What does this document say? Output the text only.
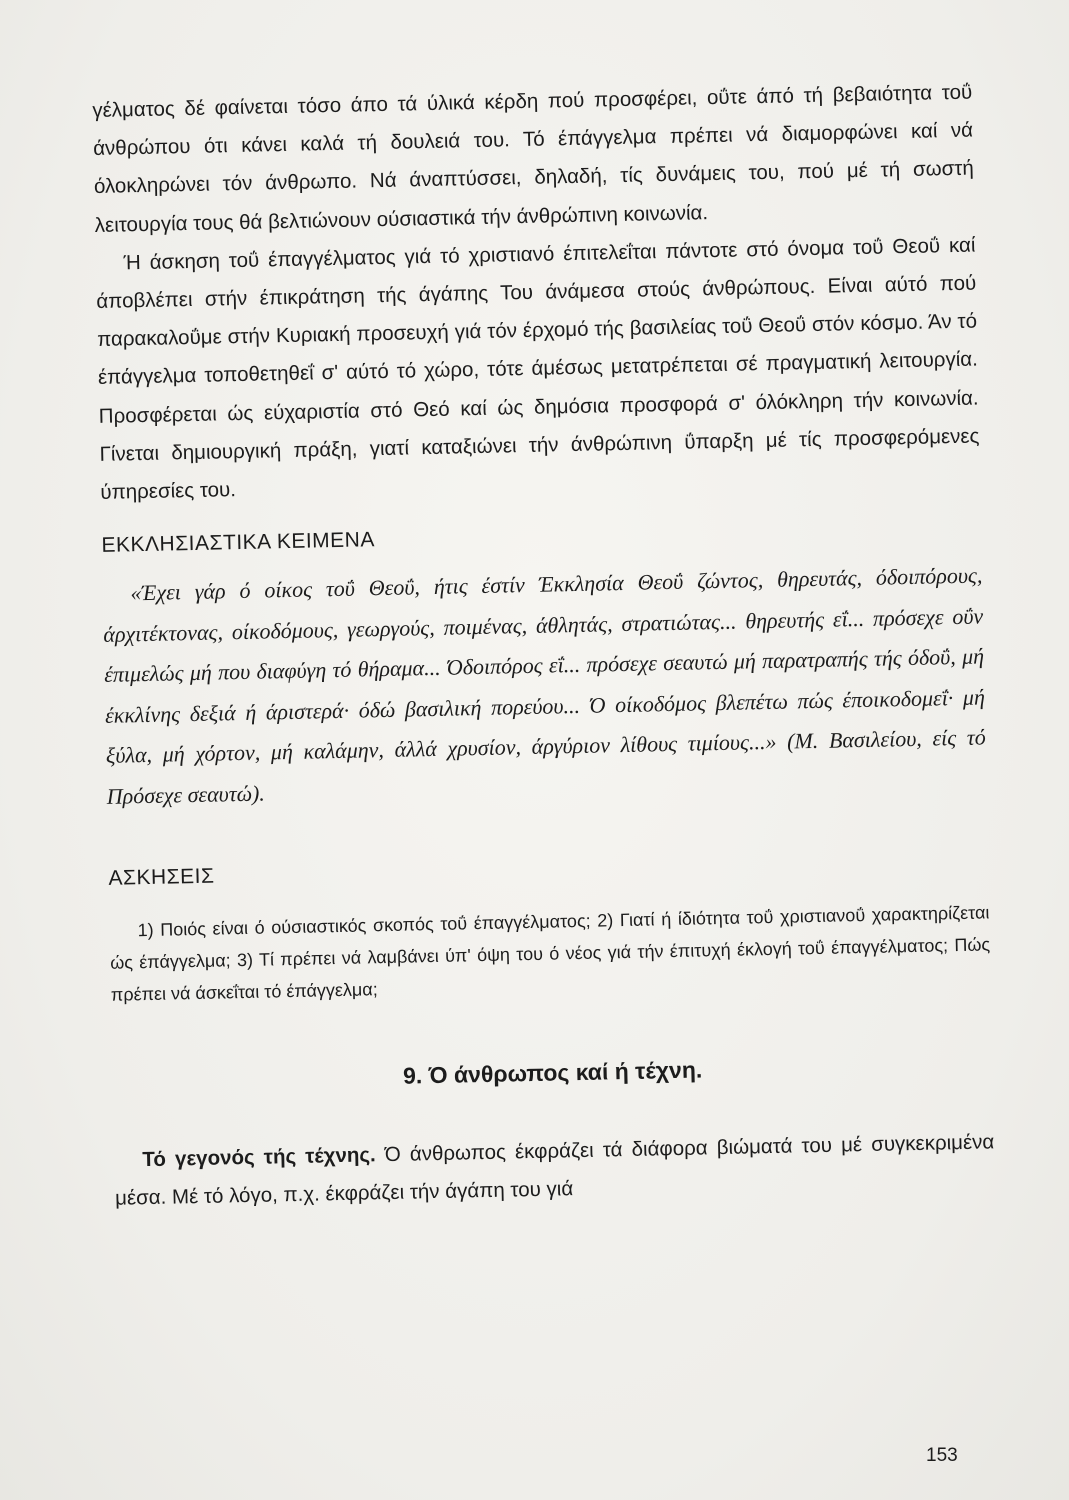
γέλματος δέ φαίνεται τόσο άπο τά ύλικά κέρδη πού προσφέρει, οΰτε άπό τή βεβαιότητα τοΰ άνθρώπου ότι κάνει καλά τή δουλειά του. Τό έπάγγελμα πρέπει νά διαμορφώνει καί νά όλοκληρώνει τόν άνθρωπο. Νά άναπτύσσει, δηλαδή, τίς δυνάμεις του, πού μέ τή σωστή λειτουργία τους θά βελτιώνουν ούσιαστικά τήν άνθρώπινη κοινωνία.

Ή άσκηση τοΰ έπαγγέλματος γιά τό χριστιανό έπιτελεΐται πάντοτε στό όνομα τοΰ Θεοΰ καί άποβλέπει στήν έπικράτηση τής άγάπης Του άνάμεσα στούς άνθρώπους. Είναι αύτό πού παρακαλοΰμε στήν Κυριακή προσευχή γιά τόν έρχομό τής βασιλείας τοΰ Θεοΰ στόν κόσμο. Άν τό έπάγγελμα τοποθετηθεΐ σ' αύτό τό χώρο, τότε άμέσως μετατρέπεται σέ πραγματική λειτουργία. Προσφέρεται ώς εύχαριστία στό Θεό καί ώς δημόσια προσφορά σ' όλόκληρη τήν κοινωνία. Γίνεται δημιουργική πράξη, γιατί καταξιώνει τήν άνθρώπινη ΰπαρξη μέ τίς προσφερόμενες ύπηρεσίες του.

ΕΚΚΛΗΣΙΑΣΤΙΚΑ ΚΕΙΜΕΝΑ

«Έχει γάρ ό οίκος τοΰ Θεοΰ, ήτις έστίν Έκκλησία Θεοΰ ζώντος, θηρευτάς, όδοιπόρους, άρχιτέκτονας, οίκοδόμους, γεωργούς, ποιμένας, άθλητάς, στρατιώτας... θηρευτής εΐ... πρόσεχε οΰν έπιμελώς μή που διαφύγη τό θήραμα... Όδοιπόρος εΐ... πρόσεχε σεαυτώ μή παρατραπής τής όδοΰ, μή έκκλίνης δεξιά ή άριστερά· όδώ βασιλική πορεύου... Ό οίκοδόμος βλεπέτω πώς έποικοδομεΐ· μή ξύλα, μή χόρτον, μή καλάμην, άλλά χρυσίον, άργύριον λίθους τιμίους...» (Μ. Βασιλείου, είς τό Πρόσεχε σεαυτώ).

ΑΣΚΗΣΕΙΣ

1) Ποιός είναι ό ούσιαστικός σκοπός τοΰ έπαγγέλματος; 2) Γιατί ή ίδιότητα τοΰ χριστιανοΰ χαρακτηρίζεται ώς έπάγγελμα; 3) Τί πρέπει νά λαμβάνει ύπ' όψη του ό νέος γιά τήν έπιτυχή έκλογή τοΰ έπαγγέλματος; Πώς πρέπει νά άσκεΐται τό έπάγγελμα;

9. Ό άνθρωπος καί ή τέχνη.

Τό γεγονός τής τέχνης. Ό άνθρωπος έκφράζει τά διάφορα βιώματά του μέ συγκεκριμένα μέσα. Μέ τό λόγο, π.χ. έκφράζει τήν άγάπη του γιά

153
